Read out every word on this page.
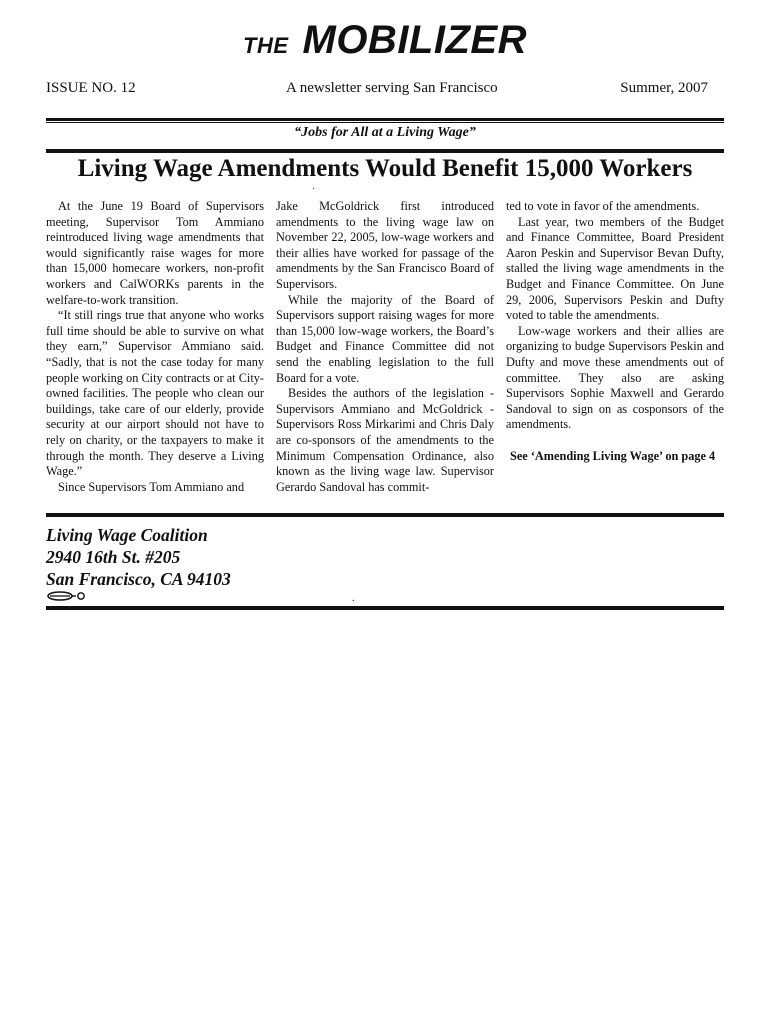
THE MOBILIZER
ISSUE NO. 12	A newsletter serving San Francisco	Summer, 2007
“Jobs for All at a Living Wage”
Living Wage Amendments Would Benefit 15,000 Workers
·

At the June 19 Board of Supervisors meeting, Supervisor Tom Ammiano reintroduced living wage amendments that would significantly raise wages for more than 15,000 homecare workers, non-profit workers and CalWORKs parents in the welfare-to-work transition.

“It still rings true that anyone who works full time should be able to survive on what they earn,” Supervisor Ammiano said. “Sadly, that is not the case today for many people working on City contracts or at City-owned facilities. The people who clean our buildings, take care of our elderly, provide security at our airport should not have to rely on charity, or the taxpayers to make it through the month. They deserve a Living Wage.”

Since Supervisors Tom Ammiano and

Jake McGoldrick first introduced amendments to the living wage law on November 22, 2005, low-wage workers and their allies have worked for passage of the amendments by the San Francisco Board of Supervisors.

While the majority of the Board of Supervisors support raising wages for more than 15,000 low-wage workers, the Board’s Budget and Finance Committee did not send the enabling legislation to the full Board for a vote.

Besides the authors of the legislation - Supervisors Ammiano and McGoldrick - Supervisors Ross Mirkarimi and Chris Daly are co-sponsors of the amendments to the Minimum Compensation Ordinance, also known as the living wage law. Supervisor Gerardo Sandoval has commit-

ted to vote in favor of the amendments.

Last year, two members of the Budget and Finance Committee, Board President Aaron Peskin and Supervisor Bevan Dufty, stalled the living wage amendments in the Budget and Finance Committee. On June 29, 2006, Supervisors Peskin and Dufty voted to table the amendments.

Low-wage workers and their allies are organizing to budge Supervisors Peskin and Dufty and move these amendments out of committee. They also are asking Supervisors Sophie Maxwell and Gerardo Sandoval to sign on as cosponsors of the amendments.

See ‘Amending Living Wage’ on page 4
Living Wage Coalition
2940 16th St. #205
San Francisco, CA 94103
.
